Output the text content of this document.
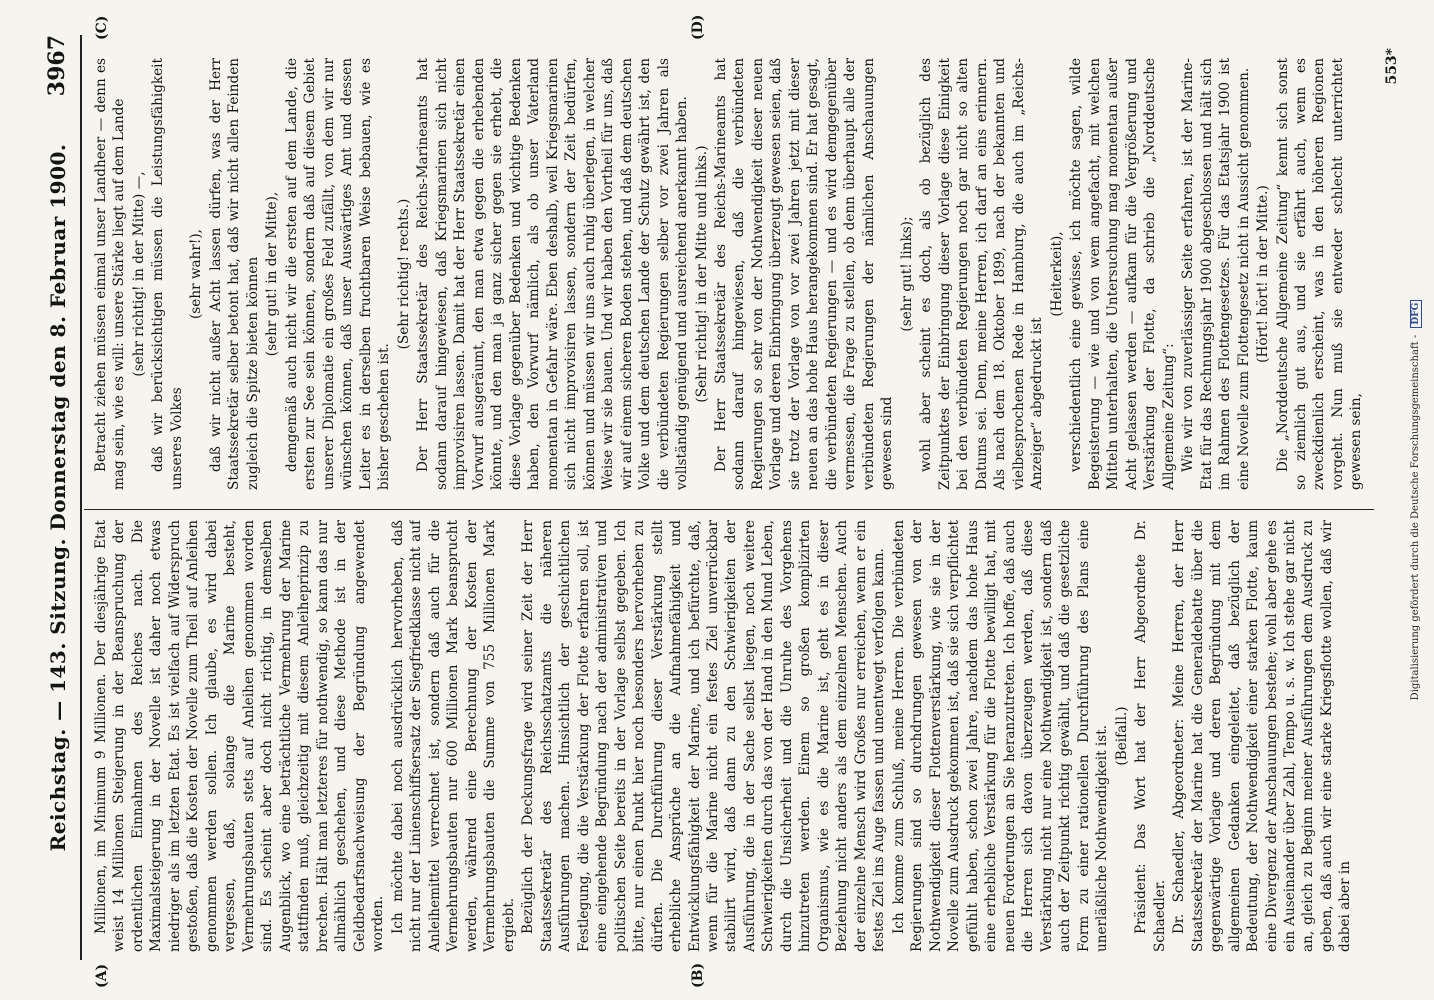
Reichstag. — 143. Sitzung. Donnerstag den 8. Februar 1900.
3967
(A)	(B)
(C)	(D)

Millionen, im Minimum 9 Millionen. Der diesjährige Etat weist 14 Millionen Steigerung in der Beanspruchung der ordentlichen Einnahmen des Reiches nach. Die Maximalsteigerung in der Novelle ist daher noch etwas niedriger als im letzten Etat. Es ist vielfach auf Widerspruch gestoßen, daß die Kosten der Novelle zum Theil auf Anleihen genommen werden sollen. Ich glaube, es wird dabei vergessen, daß, solange die Marine besteht, Vermehrungsbauten stets auf Anleihen genommen worden sind. Es scheint aber doch nicht richtig, in demselben Augenblick, wo eine beträchtliche Vermehrung der Marine stattfinden muß, gleichzeitig mit diesem Anleiheprinzip zu brechen. Hält man letzteres für nothwendig, so kann das nur allmählich geschehen, und diese Methode ist in der Geldbedarfsnachweisung der Begründung angewendet worden. Ich möchte dabei noch ausdrücklich hervorheben, daß nicht nur der Linienschiffsersatz der Siegfriedklasse nicht auf Anleihemittel verrechnet ist, sondern daß auch für die Vermehrungsbauten nur 600 Millionen Mark beansprucht werden, während eine Berechnung der Kosten der Vermehrungsbauten die Summe von 755 Millionen Mark ergiebt. Bezüglich der Deckungsfrage wird seiner Zeit der Herr Staatssekretär des Reichsschatzamts die näheren Ausführungen machen. Hinsichtlich der geschichtlichen Festlegung, die die Verstärkung der Flotte erfahren soll, ist eine eingehende Begründung nach der administrativen und politischen Seite bereits in der Vorlage selbst gegeben. Ich bitte, nur einen Punkt hier noch besonders hervorheben zu dürfen. Die Durchführung dieser Verstärkung stellt erhebliche Ansprüche an die Aufnahmefähigkeit und Entwicklungsfähigkeit der Marine, und ich befürchte, daß, wenn für die Marine nicht ein festes Ziel unverrückbar stabilirt wird, daß dann zu den Schwierigkeiten der Ausführung, die in der Sache selbst liegen, noch weitere Schwierigkeiten durch das von der Hand in den Mund Leben, durch die Unsicherheit und die Unruhe des Vorgehens hinzutreten werden. Einem so großen komplizirten Organismus, wie es die Marine ist, geht es in dieser Beziehung nicht anders als dem einzelnen Menschen. Auch der einzelne Mensch wird Großes nur erreichen, wenn er ein festes Ziel ins Auge fassen und unentwegt verfolgen kann. Ich komme zum Schluß, meine Herren. Die verbündeten Regierungen sind so durchdrungen gewesen von der Nothwendigkeit dieser Flottenverstärkung, wie sie in der Novelle zum Ausdruck gekommen ist, daß sie sich verpflichtet gefühlt haben, schon zwei Jahre, nachdem das hohe Haus eine erhebliche Verstärkung für die Flotte bewilligt hat, mit neuen Forderungen an Sie heranzutreten. Ich hoffe, daß auch die Herren sich davon überzeugen werden, daß diese Verstärkung nicht nur eine Nothwendigkeit ist, sondern daß auch der Zeitpunkt richtig gewählt, und daß die gesetzliche Form zu einer rationellen Durchführung des Plans eine unerläßliche Nothwendigkeit ist. (Beifall.) Präsident: Das Wort hat der Herr Abgeordnete Dr. Schaedler. Dr. Schaedler, Abgeordneter: Meine Herren, der Herr Staatssekretär der Marine hat die Generaldebatte über die gegenwärtige Vorlage und deren Begründung mit dem allgemeinen Gedanken eingeleitet, daß bezüglich der Bedeutung, der Nothwendigkeit einer starken Flotte, kaum eine Divergenz der Anschauungen bestehe; wohl aber gehe es ein Auseinander über Zahl, Tempo u. s. w. Ich stehe gar nicht an, gleich zu Beginn meiner Ausführungen dem Ausdruck zu geben, daß auch wir eine starke Kriegsflotte wollen, daß wir dabei aber in

Betracht ziehen müssen einmal unser Landheer — denn es mag sein, wie es will: unsere Stärke liegt auf dem Lande (sehr richtig! in der Mitte) —, daß wir berücksichtigen müssen die Leistungsfähigkeit unseres Volkes

(sehr wahr!), daß wir nicht außer Acht lassen dürfen, was der Herr Staatssekretär selber betont hat, daß wir nicht allen Feinden zugleich die Spitze bieten können (sehr gut! in der Mitte), demgemäß auch nicht wir die ersten auf dem Lande, die ersten zur See sein können, sondern daß auf diesem Gebiet unserer Diplomatie ein großes Feld zufällt, von dem wir nur wünschen können, daß unser Auswärtiges Amt und dessen Leiter es in derselben fruchtbaren Weise bebauen, wie es bisher geschehen ist.

(Sehr richtig! rechts.) Der Herr Staatssekretär des Reichs-Marineamts hat sodann darauf hingewiesen, daß Kriegsmarinen sich nicht improvisiren lassen. Damit hat der Herr Staatssekretär einen Vorwurf ausgeräumt, den man etwa gegen die erhebenden könnte, und den man ja ganz sicher gegen sie erhebt, die diese Vorlage gegenüber Bedenken und wichtige Bedenken haben, den Vorwurf nämlich, als ob unser Vaterland momentan in Gefahr wäre. Eben deshalb, weil Kriegsmarinen sich nicht improvisiren lassen, sondern der Zeit bedürfen, können und müssen wir uns auch ruhig überlegen, in welcher Weise wir sie bauen. Und wir haben den Vortheil für uns, daß wir auf einem sicheren Boden stehen, und daß dem deutschen Volke und dem deutschen Lande der Schutz gewährt ist, den die verbündeten Regierungen selber vor zwei Jahren als vollständig genügend und ausreichend anerkannt haben. (Sehr richtig! in der Mitte und links.) Der Herr Staatssekretär des Reichs-Marineamts hat sodann darauf hingewiesen, daß die verbündeten Regierungen so sehr von der Nothwendigkeit dieser neuen Vorlage und deren Einbringung überzeugt gewesen seien, daß sie trotz der Vorlage von vor zwei Jahren jetzt mit dieser neuen an das hohe Haus herangekommen sind. Er hat gesagt, die verbündeten Regierungen — und es wird demgegenüber vermessen, die Frage zu stellen, ob denn überhaupt alle der verbündeten Regierungen der nämlichen Anschauungen gewesen sind

(sehr gut! links); wohl aber scheint es doch, als ob bezüglich des Zeitpunktes der Einbringung dieser Vorlage diese Einigkeit bei den verbündeten Regierungen noch gar nicht so alten Datums sei. Denn, meine Herren, ich darf an eins erinnern. Als nach dem 18. Oktober 1899, nach der bekannten und vielbesprochenen Rede in Hamburg, die auch im „Reichs-Anzeiger“ abgedruckt ist

(Heiterkeit), verschiedentlich eine gewisse, ich möchte sagen, wilde Begeisterung — wie und von wem angefacht, mit welchen Mitteln unterhalten, die Untersuchung mag momentan außer Acht gelassen werden — aufkam für die Vergrößerung und Verstärkung der Flotte, da schrieb die „Norddeutsche Allgemeine Zeitung“: Wie wir von zuverlässiger Seite erfahren, ist der Marine-Etat für das Rechnungsjahr 1900 abgeschlossen und hält sich im Rahmen des Flottengesetzes. Für das Etatsjahr 1900 ist eine Novelle zum Flottengesetz nicht in Aussicht genommen. (Hört! hört! in der Mitte.) Die „Norddeutsche Allgemeine Zeitung“ kennt sich sonst so ziemlich gut aus, und sie erfährt auch, wenn es zweckdienlich erscheint, was in den höheren Regionen vorgeht. Nun muß sie entweder schlecht unterrichtet gewesen sein,

553*
Digitalisierung gefördert durch die Deutsche Forschungsgemeinschaft - DFG
